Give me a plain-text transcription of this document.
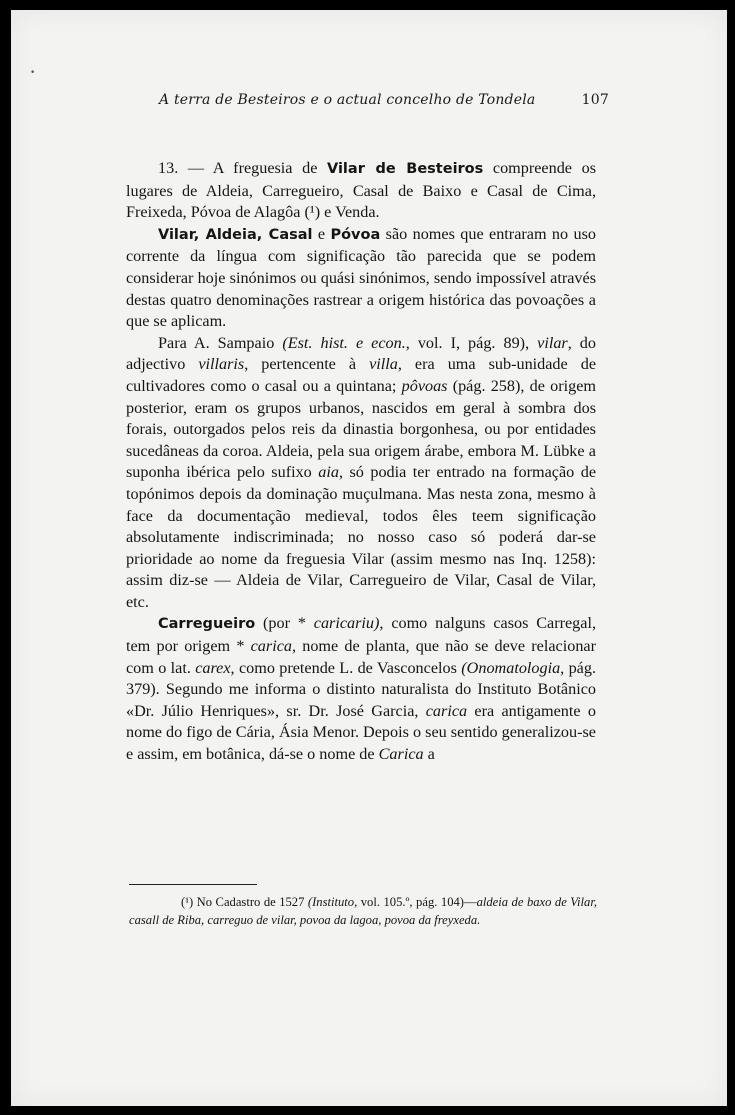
•
A terra de Besteiros e o actual concelho de Tondela	107

13. — A freguesia de Vilar de Besteiros compreende os lugares de Aldeia, Carregueiro, Casal de Baixo e Casal de Cima, Freixeda, Póvoa de Alagôa (¹) e Venda.

Vilar, Aldeia, Casal e Póvoa são nomes que entraram no uso corrente da língua com significação tão parecida que se podem considerar hoje sinónimos ou quási sinónimos, sendo impossível através destas quatro denominações rastrear a origem histórica das povoações a que se aplicam.

Para A. Sampaio (Est. hist. e econ., vol. I, pág. 89), vilar, do adjectivo villaris, pertencente à villa, era uma sub-unidade de cultivadores como o casal ou a quintana; pôvoas (pág. 258), de origem posterior, eram os grupos urbanos, nascidos em geral à sombra dos forais, outorgados pelos reis da dinastia borgonhesa, ou por entidades sucedâneas da coroa. Aldeia, pela sua origem árabe, embora M. Lübke a suponha ibérica pelo sufixo aia, só podia ter entrado na formação de topónimos depois da dominação muçulmana. Mas nesta zona, mesmo à face da documentação medieval, todos êles teem significação absolutamente indiscriminada; no nosso caso só poderá dar-se prioridade ao nome da freguesia Vilar (assim mesmo nas Inq. 1258): assim diz-se — Aldeia de Vilar, Carregueiro de Vilar, Casal de Vilar, etc.

Carregueiro (por * caricariu), como nalguns casos Carregal, tem por origem * carica, nome de planta, que não se deve relacionar com o lat. carex, como pretende L. de Vasconcelos (Onomatologia, pág. 379). Segundo me informa o distinto naturalista do Instituto Botânico «Dr. Júlio Henriques», sr. Dr. José Garcia, carica era antigamente o nome do figo de Cária, Ásia Menor. Depois o seu sentido generalizou-se e assim, em botânica, dá-se o nome de Carica a

(¹) No Cadastro de 1527 (Instituto, vol. 105.º, pág. 104)—aldeia de baxo de Vilar, casall de Riba, carreguo de vilar, povoa da lagoa, povoa da freyxeda.
